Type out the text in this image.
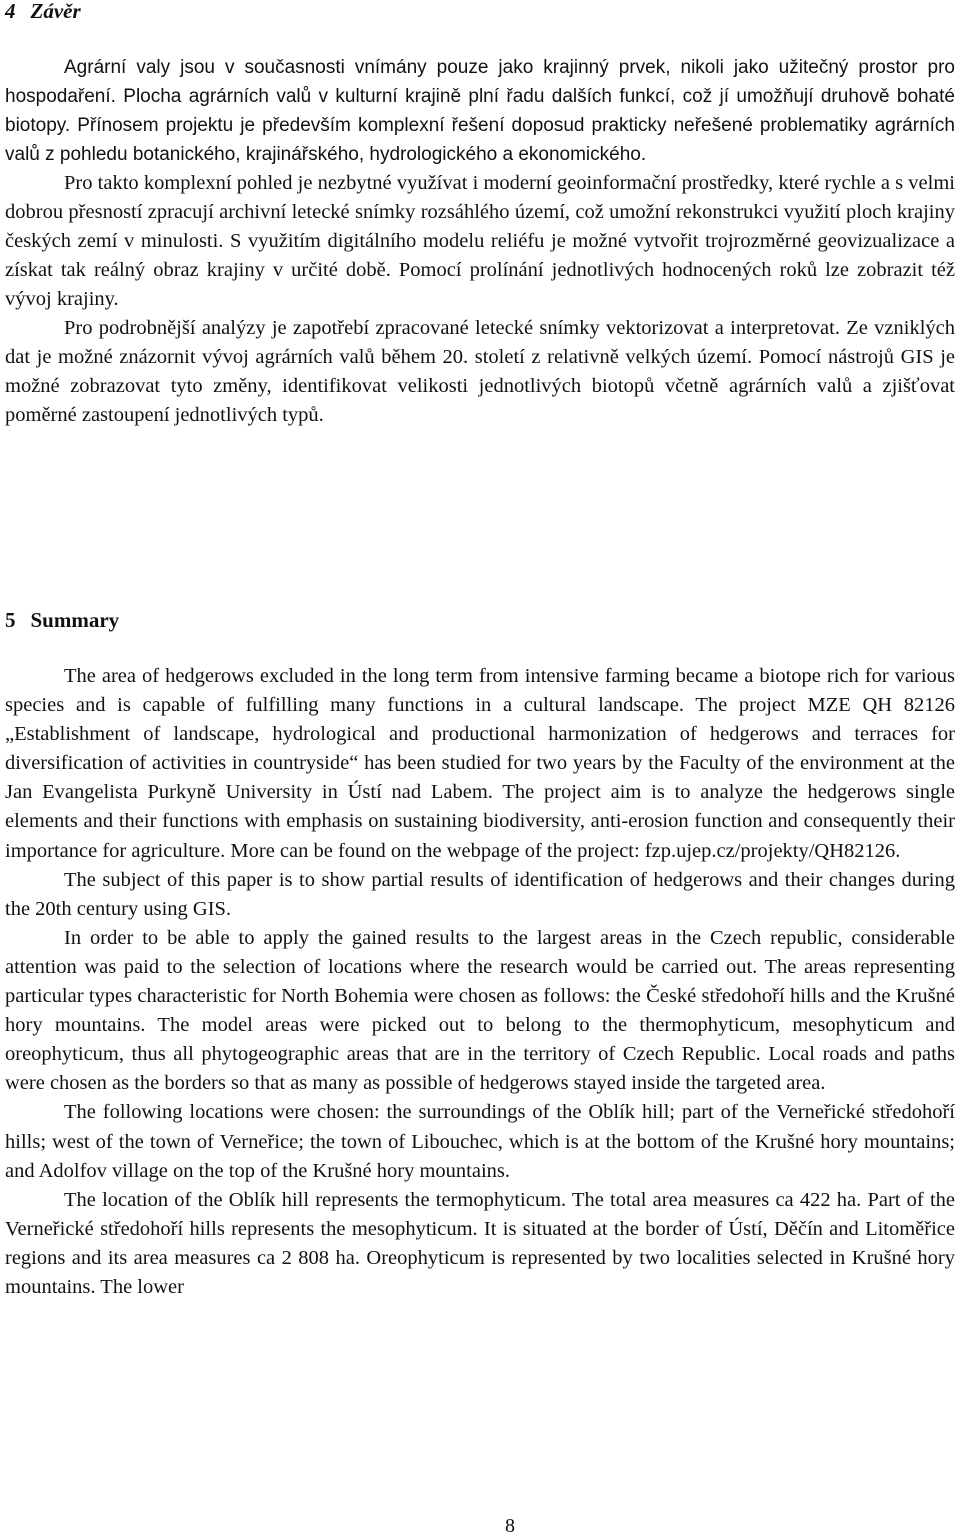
4 Závěr

Agrární valy jsou v současnosti vnímány pouze jako krajinný prvek, nikoli jako užitečný prostor pro hospodaření. Plocha agrárních valů v kulturní krajině plní řadu dalších funkcí, což jí umožňují druhově bohaté biotopy. Přínosem projektu je především komplexní řešení doposud prakticky neřešené problematiky agrárních valů z pohledu botanického, krajinářského, hydrologického a ekonomického.

Pro takto komplexní pohled je nezbytné využívat i moderní geoinformační prostředky, které rychle a s velmi dobrou přesností zpracují archivní letecké snímky rozsáhlého území, což umožní rekonstrukci využití ploch krajiny českých zemí v minulosti. S využitím digitálního modelu reliéfu je možné vytvořit trojrozměrné geovizualizace a získat tak reálný obraz krajiny v určité době. Pomocí prolínání jednotlivých hodnocených roků lze zobrazit též vývoj krajiny.

Pro podrobnější analýzy je zapotřebí zpracované letecké snímky vektorizovat a interpretovat. Ze vzniklých dat je možné znázornit vývoj agrárních valů během 20. století z relativně velkých území. Pomocí nástrojů GIS je možné zobrazovat tyto změny, identifikovat velikosti jednotlivých biotopů včetně agrárních valů a zjišťovat poměrné zastoupení jednotlivých typů.

5 Summary

The area of hedgerows excluded in the long term from intensive farming became a biotope rich for various species and is capable of fulfilling many functions in a cultural landscape. The project MZE QH 82126 „Establishment of landscape, hydrological and productional harmonization of hedgerows and terraces for diversification of activities in countryside“ has been studied for two years by the Faculty of the environment at the Jan Evangelista Purkyně University in Ústí nad Labem. The project aim is to analyze the hedgerows single elements and their functions with emphasis on sustaining biodiversity, anti-erosion function and consequently their importance for agriculture. More can be found on the webpage of the project: fzp.ujep.cz/projekty/QH82126.

The subject of this paper is to show partial results of identification of hedgerows and their changes during the 20th century using GIS.

In order to be able to apply the gained results to the largest areas in the Czech republic, considerable attention was paid to the selection of locations where the research would be carried out. The areas representing particular types characteristic for North Bohemia were chosen as follows: the České středohoří hills and the Krušné hory mountains. The model areas were picked out to belong to the thermophyticum, mesophyticum and oreophyticum, thus all phytogeographic areas that are in the territory of Czech Republic. Local roads and paths were chosen as the borders so that as many as possible of hedgerows stayed inside the targeted area.

The following locations were chosen: the surroundings of the Oblík hill; part of the Verneřické středohoří hills; west of the town of Verneřice; the town of Libouchec, which is at the bottom of the Krušné hory mountains; and Adolfov village on the top of the Krušné hory mountains.

The location of the Oblík hill represents the termophyticum. The total area measures ca 422 ha. Part of the Verneřické středohoří hills represents the mesophyticum. It is situated at the border of Ústí, Děčín and Litoměřice regions and its area measures ca 2 808 ha. Oreophyticum is represented by two localities selected in Krušné hory mountains. The lower

8
